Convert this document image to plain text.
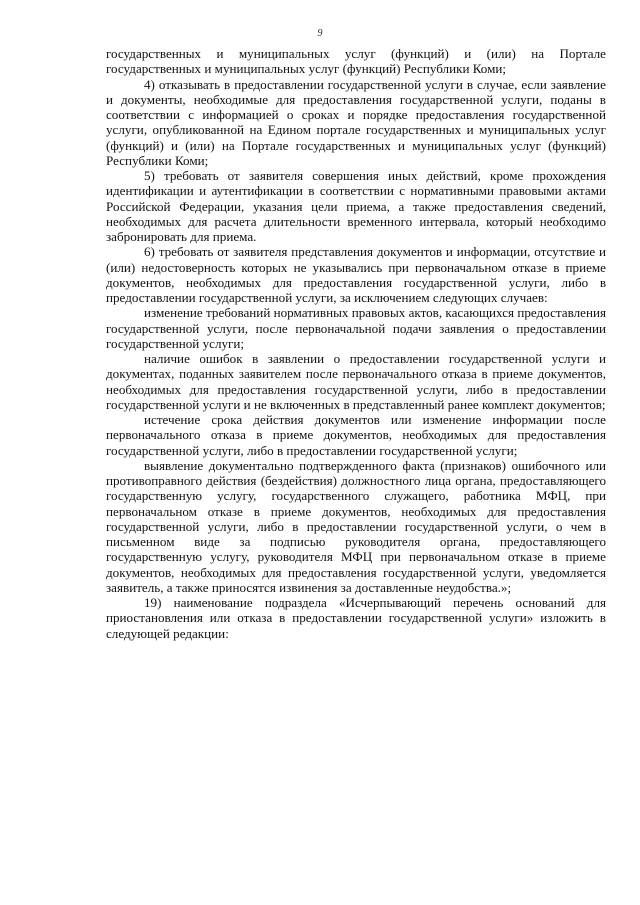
9

государственных и муниципальных услуг (функций) и (или) на Портале государственных и муниципальных услуг (функций) Республики Коми;

4) отказывать в предоставлении государственной услуги в случае, если заявление и документы, необходимые для предоставления государственной услуги, поданы в соответствии с информацией о сроках и порядке предоставления государственной услуги, опубликованной на Едином портале государственных и муниципальных услуг (функций) и (или) на Портале государственных и муниципальных услуг (функций) Республики Коми;

5) требовать от заявителя совершения иных действий, кроме прохождения идентификации и аутентификации в соответствии с нормативными правовыми актами Российской Федерации, указания цели приема, а также предоставления сведений, необходимых для расчета длительности временного интервала, который необходимо забронировать для приема.

6) требовать от заявителя представления документов и информации, отсутствие и (или) недостоверность которых не указывались при первоначальном отказе в приеме документов, необходимых для предоставления государственной услуги, либо в предоставлении государственной услуги, за исключением следующих случаев:

изменение требований нормативных правовых актов, касающихся предоставления государственной услуги, после первоначальной подачи заявления о предоставлении государственной услуги;

наличие ошибок в заявлении о предоставлении государственной услуги и документах, поданных заявителем после первоначального отказа в приеме документов, необходимых для предоставления государственной услуги, либо в предоставлении государственной услуги и не включенных в представленный ранее комплект документов;

истечение срока действия документов или изменение информации после первоначального отказа в приеме документов, необходимых для предоставления государственной услуги, либо в предоставлении государственной услуги;

выявление документально подтвержденного факта (признаков) ошибочного или противоправного действия (бездействия) должностного лица органа, предоставляющего государственную услугу, государственного служащего, работника МФЦ, при первоначальном отказе в приеме документов, необходимых для предоставления государственной услуги, либо в предоставлении государственной услуги, о чем в письменном виде за подписью руководителя органа, предоставляющего государственную услугу, руководителя МФЦ при первоначальном отказе в приеме документов, необходимых для предоставления государственной услуги, уведомляется заявитель, а также приносятся извинения за доставленные неудобства.»;

19) наименование подраздела «Исчерпывающий перечень оснований для приостановления или отказа в предоставлении государственной услуги» изложить в следующей редакции:
